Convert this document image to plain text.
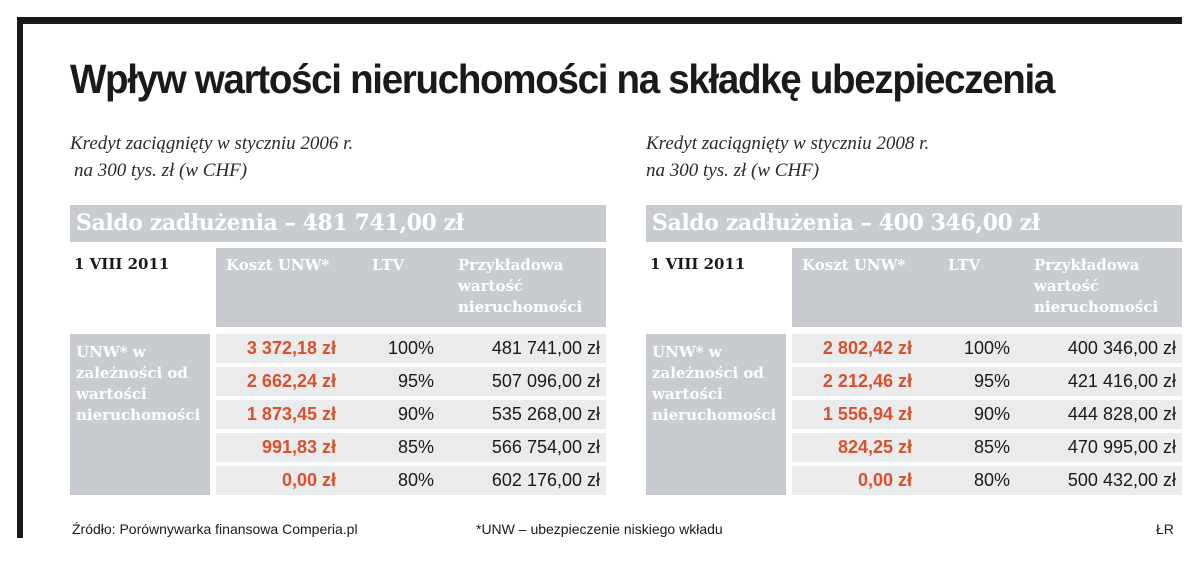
Wpływ wartości nieruchomości na składkę ubezpieczenia
Kredyt zaciągnięty w styczniu 2006 r.
na 300 tys. zł (w CHF)
Saldo zadłużenia – 481 741,00 zł
1 VIII 2011	Koszt UNW*	LTV	Przykładowa wartość nieruchomości
UNW* w zależności od wartości nieruchomości
3 372,18 zł	100%	481 741,00 zł
2 662,24 zł	95%	507 096,00 zł
1 873,45 zł	90%	535 268,00 zł
991,83 zł	85%	566 754,00 zł
0,00 zł	80%	602 176,00 zł
Kredyt zaciągnięty w styczniu 2008 r.
na 300 tys. zł (w CHF)
Saldo zadłużenia – 400 346,00 zł
1 VIII 2011	Koszt UNW*	LTV	Przykładowa wartość nieruchomości
UNW* w zależności od wartości nieruchomości
2 802,42 zł	100%	400 346,00 zł
2 212,46 zł	95%	421 416,00 zł
1 556,94 zł	90%	444 828,00 zł
824,25 zł	85%	470 995,00 zł
0,00 zł	80%	500 432,00 zł
Źródło: Porównywarka finansowa Comperia.pl	*UNW – ubezpieczenie niskiego wkładu	ŁR
